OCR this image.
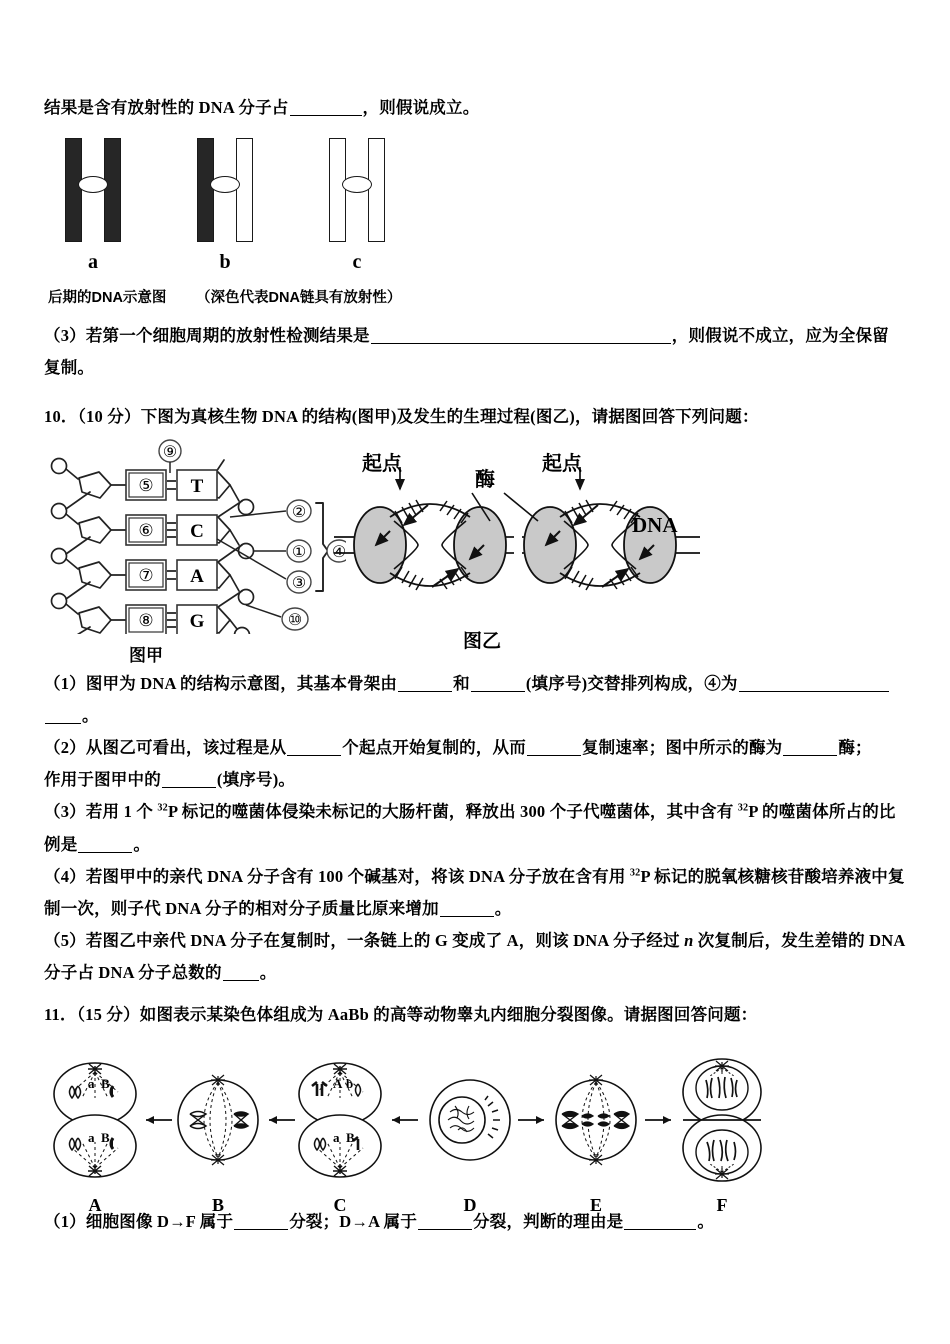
结果是含有放射性的 DNA 分子占	，则假说成立。
a	b	c
后期的DNA示意图 （深色代表DNA链具有放射性）
（3）若第一个细胞周期的放射性检测结果是	，则假说不成立，应为全保留
复制。
10．（10 分）下图为真核生物 DNA 的结构(图甲)及发生的生理过程(图乙)，请据图回答下列问题：
⑤ T
⑥ C
⑦ A
⑧ G
⑨
②
①
③
④
⑩
图甲
起点
酶
起点
DNA
图乙
（1）图甲为 DNA 的结构示意图，其基本骨架由	和	(填序号)交替排列构成，④为
。
（2）从图乙可看出，该过程是从	个起点开始复制的，从而	复制速率；图中所示的酶为	酶；
作用于图甲中的	(填序号)。
（3）若用 1 个 $^{32}$P 标记的噬菌体侵染未标记的大肠杆菌，释放出 300 个子代噬菌体，其中含有 $^{32}$P 的噬菌体所占的比
例是	。
（4）若图甲中的亲代 DNA 分子含有 100 个碱基对，将该 DNA 分子放在含有用 $^{32}$P 标记的脱氧核糖核苷酸培养液中复
制一次，则子代 DNA 分子的相对分子质量比原来增加	。
（5）若图乙中亲代 DNA 分子在复制时，一条链上的 G 变成了 A，则该 DNA 分子经过 n 次复制后，发生差错的 DNA
分子占 DNA 分子总数的 。
11．（15 分）如图表示某染色体组成为 AaBb 的高等动物睾丸内细胞分裂图像。请据图回答问题：
a B
a B
A b
a B
A	B	C	D	E	F
（1）细胞图像 D→F 属于	分裂；D→A 属于	分裂，判断的理由是	。
